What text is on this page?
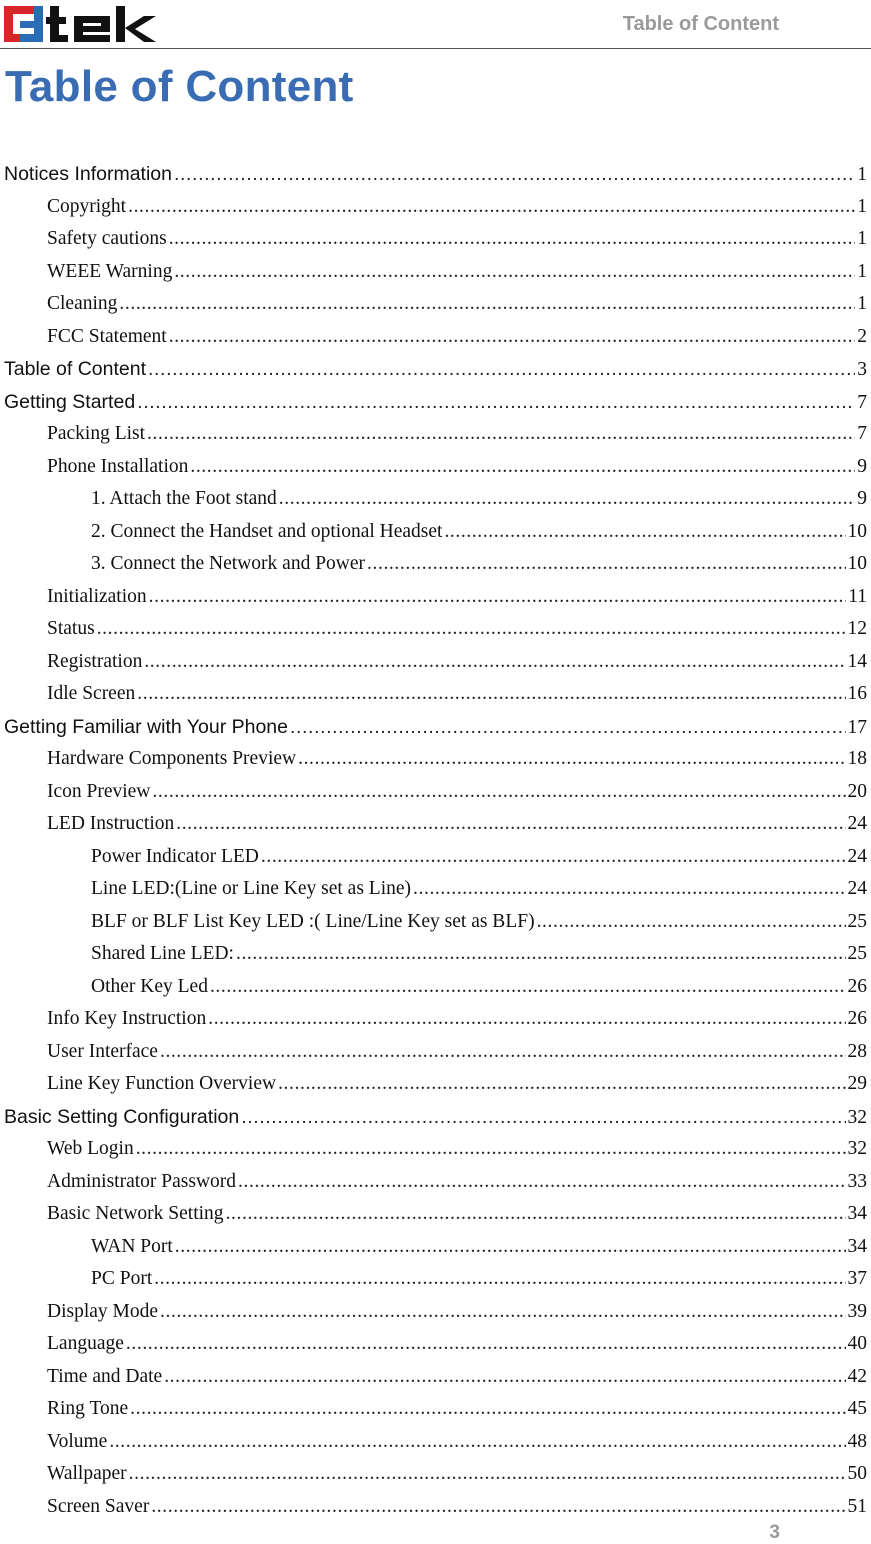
Table of Content
Table of Content
Notices Information .....	1
Copyright .....	1
Safety cautions .....	1
WEEE Warning .....	1
Cleaning .....	1
FCC Statement .....	2
Table of Content .....	3
Getting Started .....	7
Packing List .....	7
Phone Installation .....	9
1. Attach the Foot stand .....	9
2. Connect the Handset and optional Headset .....	10
3. Connect the Network and Power .....	10
Initialization .....	11
Status .....	12
Registration .....	14
Idle Screen .....	16
Getting Familiar with Your Phone .....	17
Hardware Components Preview .....	18
Icon Preview .....	20
LED Instruction .....	24
Power Indicator LED .....	24
Line LED:(Line or Line Key set as Line) .....	24
BLF or BLF List Key LED :( Line/Line Key set as BLF) .....	25
Shared Line LED: .....	25
Other Key Led .....	26
Info Key Instruction .....	26
User Interface .....	28
Line Key Function Overview .....	29
Basic Setting Configuration .....	32
Web Login .....	32
Administrator Password .....	33
Basic Network Setting .....	34
WAN Port .....	34
PC Port .....	37
Display Mode .....	39
Language .....	40
Time and Date .....	42
Ring Tone .....	45
Volume .....	48
Wallpaper .....	50
Screen Saver .....	51
3
